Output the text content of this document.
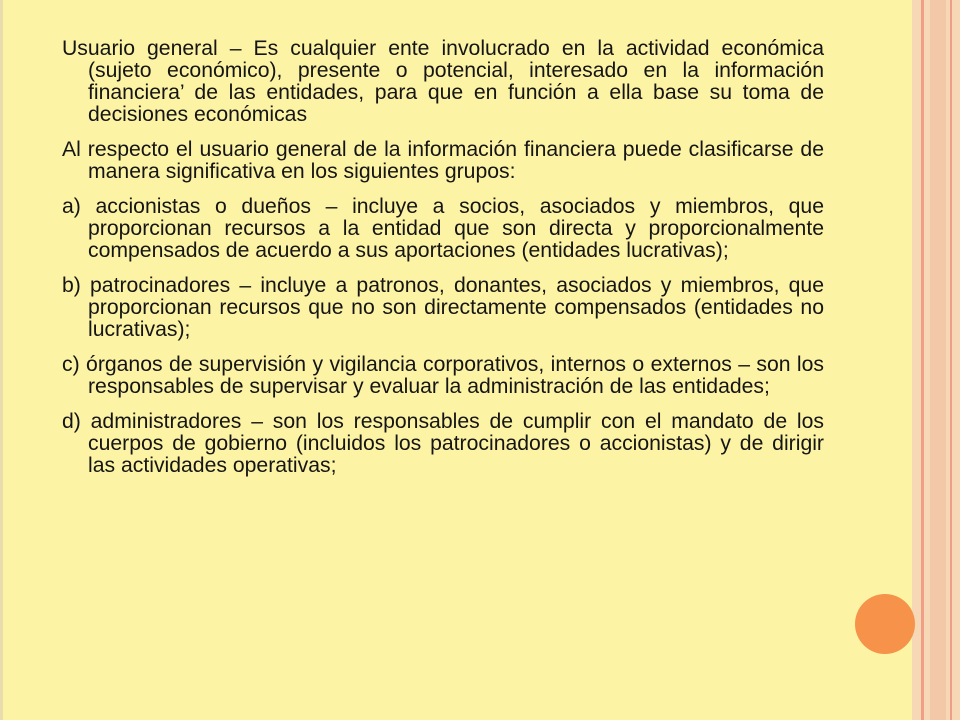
Usuario general – Es cualquier ente involucrado en la actividad económica (sujeto económico), presente o potencial, interesado en la información financiera’ de las entidades, para que en función a ella base su toma de decisiones económicas

Al respecto el usuario general de la información financiera puede clasificarse de manera significativa en los siguientes grupos:

a) accionistas o dueños – incluye a socios, asociados y miembros, que proporcionan recursos a la entidad que son directa y proporcionalmente compensados de acuerdo a sus aportaciones (entidades lucrativas);

b) patrocinadores – incluye a patronos, donantes, asociados y miembros, que proporcionan recursos que no son directamente compensados (entidades no lucrativas);

c) órganos de supervisión y vigilancia corporativos, internos o externos – son los responsables de supervisar y evaluar la administración de las entidades;

d) administradores – son los responsables de cumplir con el mandato de los cuerpos de gobierno (incluidos los patrocinadores o accionistas) y de dirigir las actividades operativas;
